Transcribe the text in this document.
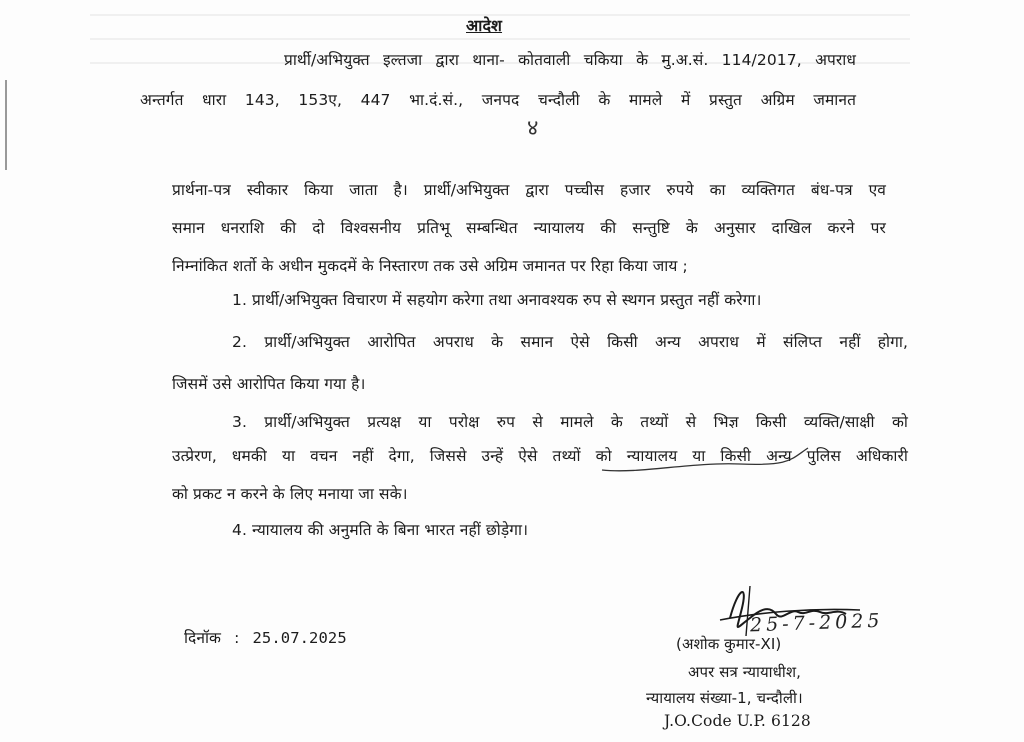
आदेश
प्रार्थी/अभियुक्त इल्तजा द्वारा थाना- कोतवाली चकिया के मु.अ.सं. 114/2017, अपराध
अन्तर्गत धारा 143, 153ए, 447 भा.दं.सं., जनपद चन्दौली के मामले में प्रस्तुत अग्रिम जमानत
४
प्रार्थना-पत्र स्वीकार किया जाता है। प्रार्थी/अभियुक्त द्वारा पच्चीस हजार रुपये का व्यक्तिगत बंध-पत्र एव
समान धनराशि की दो विश्वसनीय प्रतिभू सम्बन्धित न्यायालय की सन्तुष्टि के अनुसार दाखिल करने पर
निम्नांकित शर्तो के अधीन मुकदमें के निस्तारण तक उसे अग्रिम जमानत पर रिहा किया जाय ;
1. प्रार्थी/अभियुक्त विचारण में सहयोग करेगा तथा अनावश्यक रुप से स्थगन प्रस्तुत नहीं करेगा।
2. प्रार्थी/अभियुक्त आरोपित अपराध के समान ऐसे किसी अन्य अपराध में संलिप्त नहीं होगा,
जिसमें उसे आरोपित किया गया है।
3. प्रार्थी/अभियुक्त प्रत्यक्ष या परोक्ष रुप से मामले के तथ्यों से भिज्ञ किसी व्यक्ति/साक्षी को
उत्प्रेरण, धमकी या वचन नहीं देगा, जिससे उन्हें ऐसे तथ्यों को न्यायालय या किसी अन्य पुलिस अधिकारी
को प्रकट न करने के लिए मनाया जा सके।
4. न्यायालय की अनुमति के बिना भारत नहीं छोड़ेगा।
दिनॉक : 25.07.2025
25-7-2025
(अशोक कुमार-XI)
अपर सत्र न्यायाधीश,
न्यायालय संख्या-1, चन्दौली।
J.O.Code U.P. 6128
